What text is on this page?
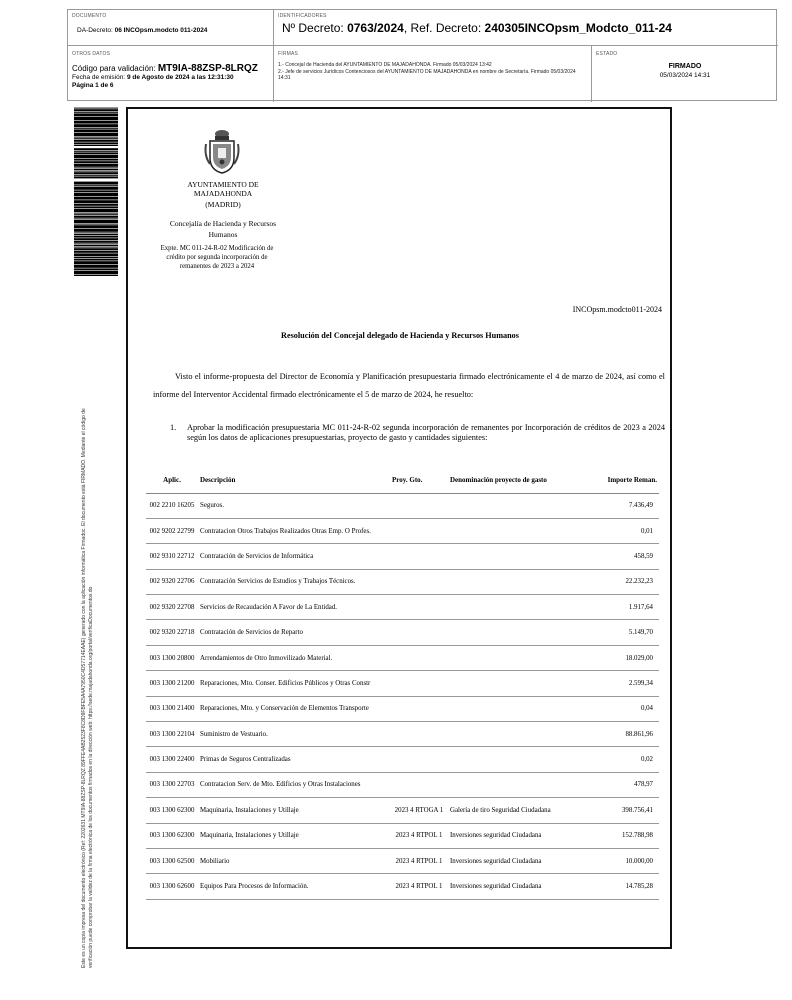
DOCUMENTO
DA-Decreto: 06 INCOpsm.modcto 011-2024
IDENTIFICADORES
Nº Decreto: 0763/2024, Ref. Decreto: 240305INCOpsm_Modcto_011-24
OTROS DATOS
Código para validación: MT9IA-88ZSP-8LRQZ
Fecha de emisión: 9 de Agosto de 2024 a las 12:31:30
Página 1 de 6
FIRMAS
1.- Concejal de Hacienda del AYUNTAMIENTO DE MAJADAHONDA. Firmado 05/03/2024 13:42
2.- Jefe de servicios Jurídicos Contenciosos del AYUNTAMIENTO DE MAJADAHONDA en nombre de Secretaría. Firmado 05/03/2024 14:31
ESTADO
FIRMADO
05/03/2024 14:31
Este es un copia impresa del documento electrónico (Ref: 2202631 MT9IA-88ZSP-8LRQZ 89FFE4AB2523F8C8D9FBFE5A4A7950C4D57714EAAE) generado con la aplicación informática Firmadoc. El documento está FIRMADO. Mediante el código de verificación puede comprobar la validez de la firma electrónica de los documentos firmados en la dirección web: https://sede.majadahonda.org/portal/verificaDocumentos.do
AYUNTAMIENTO DE MAJADAHONDA
(MADRID)
Concejalía de Hacienda y Recursos Humanos
Expte. MC 011-24-R-02 Modificación de crédito por segunda incorporación de remanentes de 2023 a 2024
INCOpsm.modcto011-2024
Resolución del Concejal delegado de Hacienda y Recursos Humanos
Visto el informe-propuesta del Director de Economía y Planificación presupuestaria firmado electrónicamente el 4 de marzo de 2024, así como el informe del Interventor Accidental firmado electrónicamente el 5 de marzo de 2024, he resuelto:
1. Aprobar la modificación presupuestaria MC 011-24-R-02 segunda incorporación de remanentes por Incorporación de créditos de 2023 a 2024 según los datos de aplicaciones presupuestarias, proyecto de gasto y cantidades siguientes:
Aplic.	Descripción	Proy. Gto.	Denominación proyecto de gasto	Importe Reman.
002 2210 16205	Seguros.			7.436,49
002 9202 22799	Contratacion Otros Trabajos Realizados Otras Emp. O Profes.			0,01
002 9310 22712	Contratación de Servicios de Informática			458,59
002 9320 22706	Contratación Servicios de Estudios y Trabajos Técnicos.			22.232,23
002 9320 22708	Servicios de Recaudación A Favor de La Entidad.			1.917,64
002 9320 22718	Contratación de Servicios de Reparto			5.149,70
003 1300 20800	Arrendamientos de Otro Inmovilizado Material.			18.029,00
003 1300 21200	Reparaciones, Mto. Conser. Edificios Públicos y Otras Constr			2.599,34
003 1300 21400	Reparaciones, Mto. y Conservación de Elementos Transporte			0,04
003 1300 22104	Suministro de Vestuario.			88.861,96
003 1300 22400	Primas de Seguros Centralizadas			0,02
003 1300 22703	Contratacion Serv. de Mto. Edificios y Otras Instalaciones			478,97
003 1300 62300	Maquinaria, Instalaciones y Utillaje	2023 4 RTOGA 1	Galería de tiro Seguridad Ciudadana	398.756,41
003 1300 62300	Maquinaria, Instalaciones y Utillaje	2023 4 RTPOL 1	Inversiones seguridad Ciudadana	152.788,98
003 1300 62500	Mobiliario	2023 4 RTPOL 1	Inversiones seguridad Ciudadana	10.000,00
003 1300 62600	Equipos Para Procesos de Información.	2023 4 RTPOL 1	Inversiones seguridad Ciudadana	14.785,28
